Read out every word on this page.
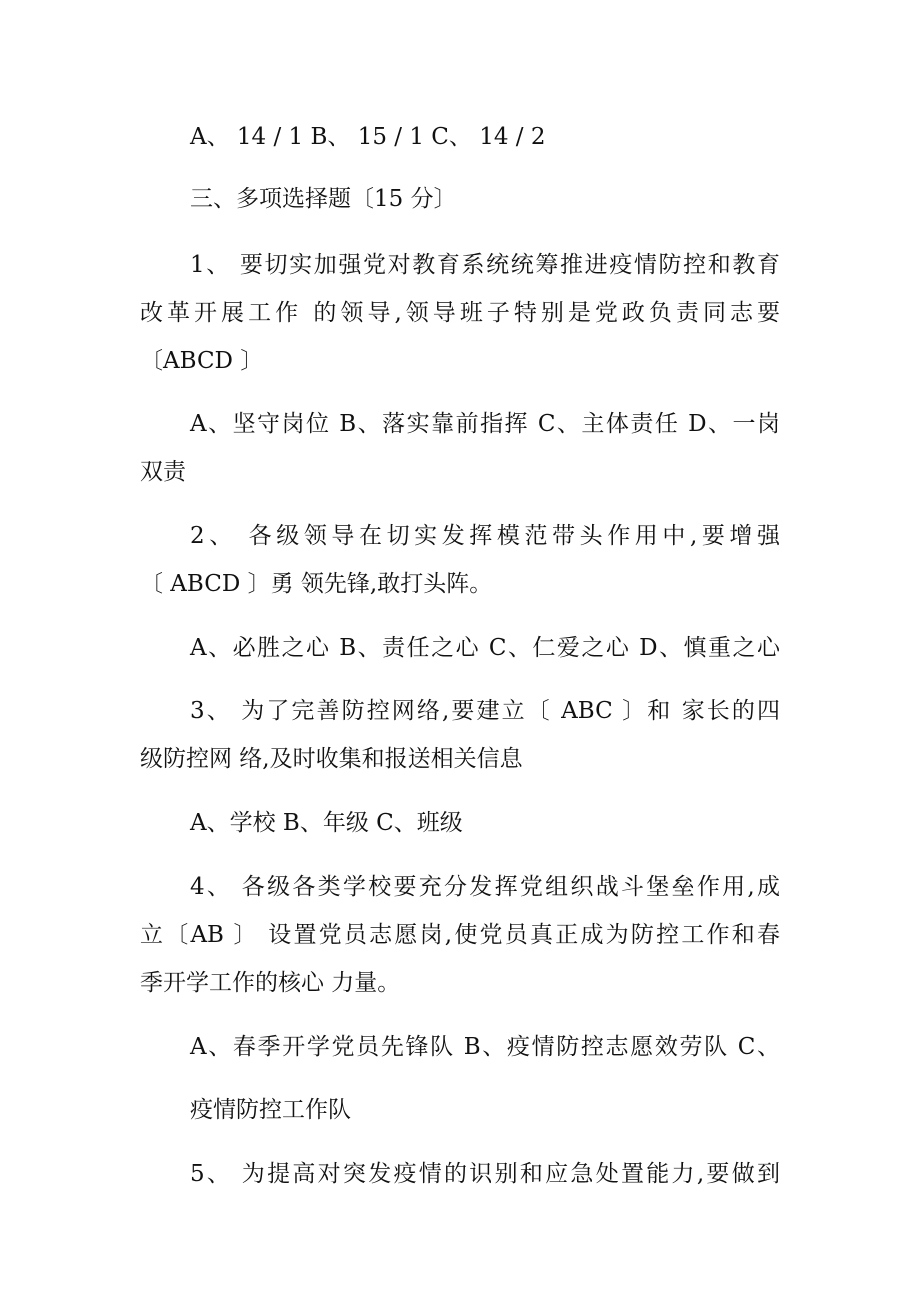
A、 14 / 1 B、 15 / 1 C、 14 / 2

三、多项选择题〔15 分〕

1、 要切实加强党对教育系统统筹推进疫情防控和教育

改革开展工作 的领导,领导班子特别是党政负责同志要

〔ABCD 〕

A、坚守岗位 B、落实靠前指挥 C、主体责任 D、一岗

双责

2、 各级领导在切实发挥模范带头作用中,要增强

〔 ABCD 〕勇 领先锋,敢打头阵。

A、必胜之心 B、责任之心 C、仁爱之心 D、慎重之心

3、 为了完善防控网络,要建立〔 ABC 〕和 家长的四

级防控网 络,及时收集和报送相关信息

A、学校 B、年级 C、班级

4、 各级各类学校要充分发挥党组织战斗堡垒作用,成

立〔AB 〕 设置党员志愿岗,使党员真正成为防控工作和春

季开学工作的核心 力量。

A、春季开学党员先锋队 B、疫情防控志愿效劳队 C、

疫情防控工作队

5、 为提高对突发疫情的识别和应急处置能力,要做到
